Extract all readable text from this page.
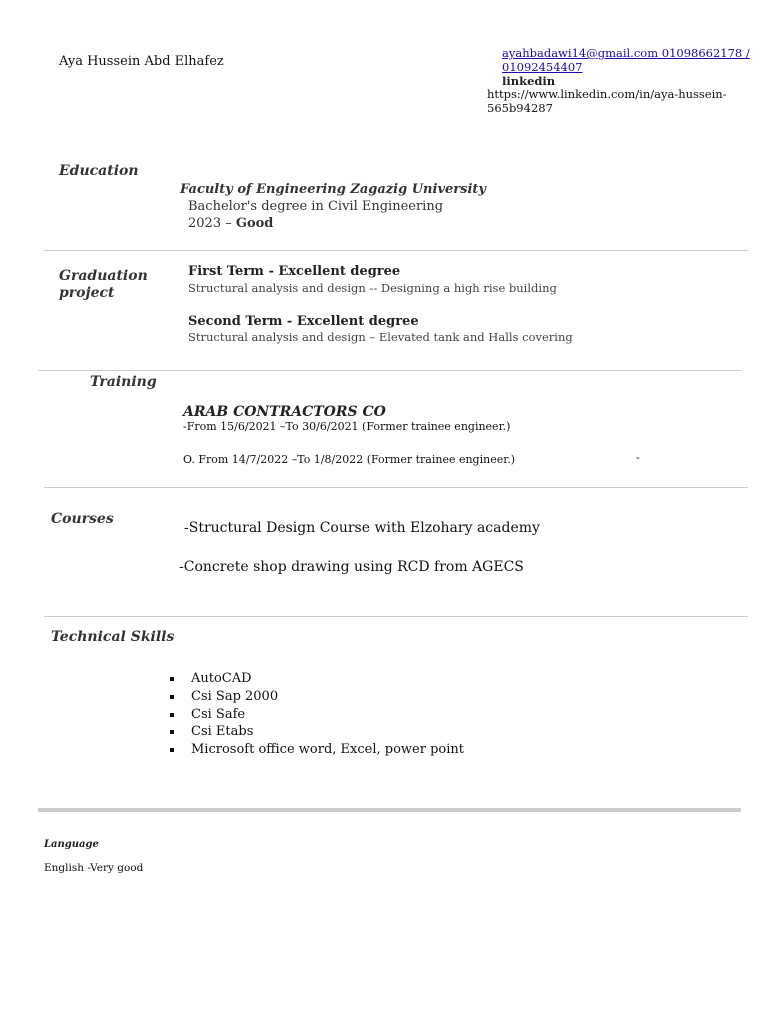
Aya Hussein Abd Elhafez
ayahbadawi14@gmail.com 01098662178 /
01092454407
linkedin
https://www.linkedin.com/in/aya-hussein-
565b94287
Education
Faculty of Engineering Zagazig University
Bachelor's degree in Civil Engineering
2023 – Good
Graduation
project
First Term - Excellent degree
Structural analysis and design -- Designing a high rise building
Second Term - Excellent degree
Structural analysis and design – Elevated tank and Halls covering
Training
ARAB CONTRACTORS CO
-From 15/6/2021 –To 30/6/2021 (Former trainee engineer.)
O. From 14/7/2022 –To 1/8/2022 (Former trainee engineer.)	-
Courses
-Structural Design Course with Elzohary academy
-Concrete shop drawing using RCD from AGECS
Technical Skills
AutoCAD
Csi Sap 2000
Csi Safe
Csi Etabs
Microsoft office word, Excel, power point
Language
English -Very good
